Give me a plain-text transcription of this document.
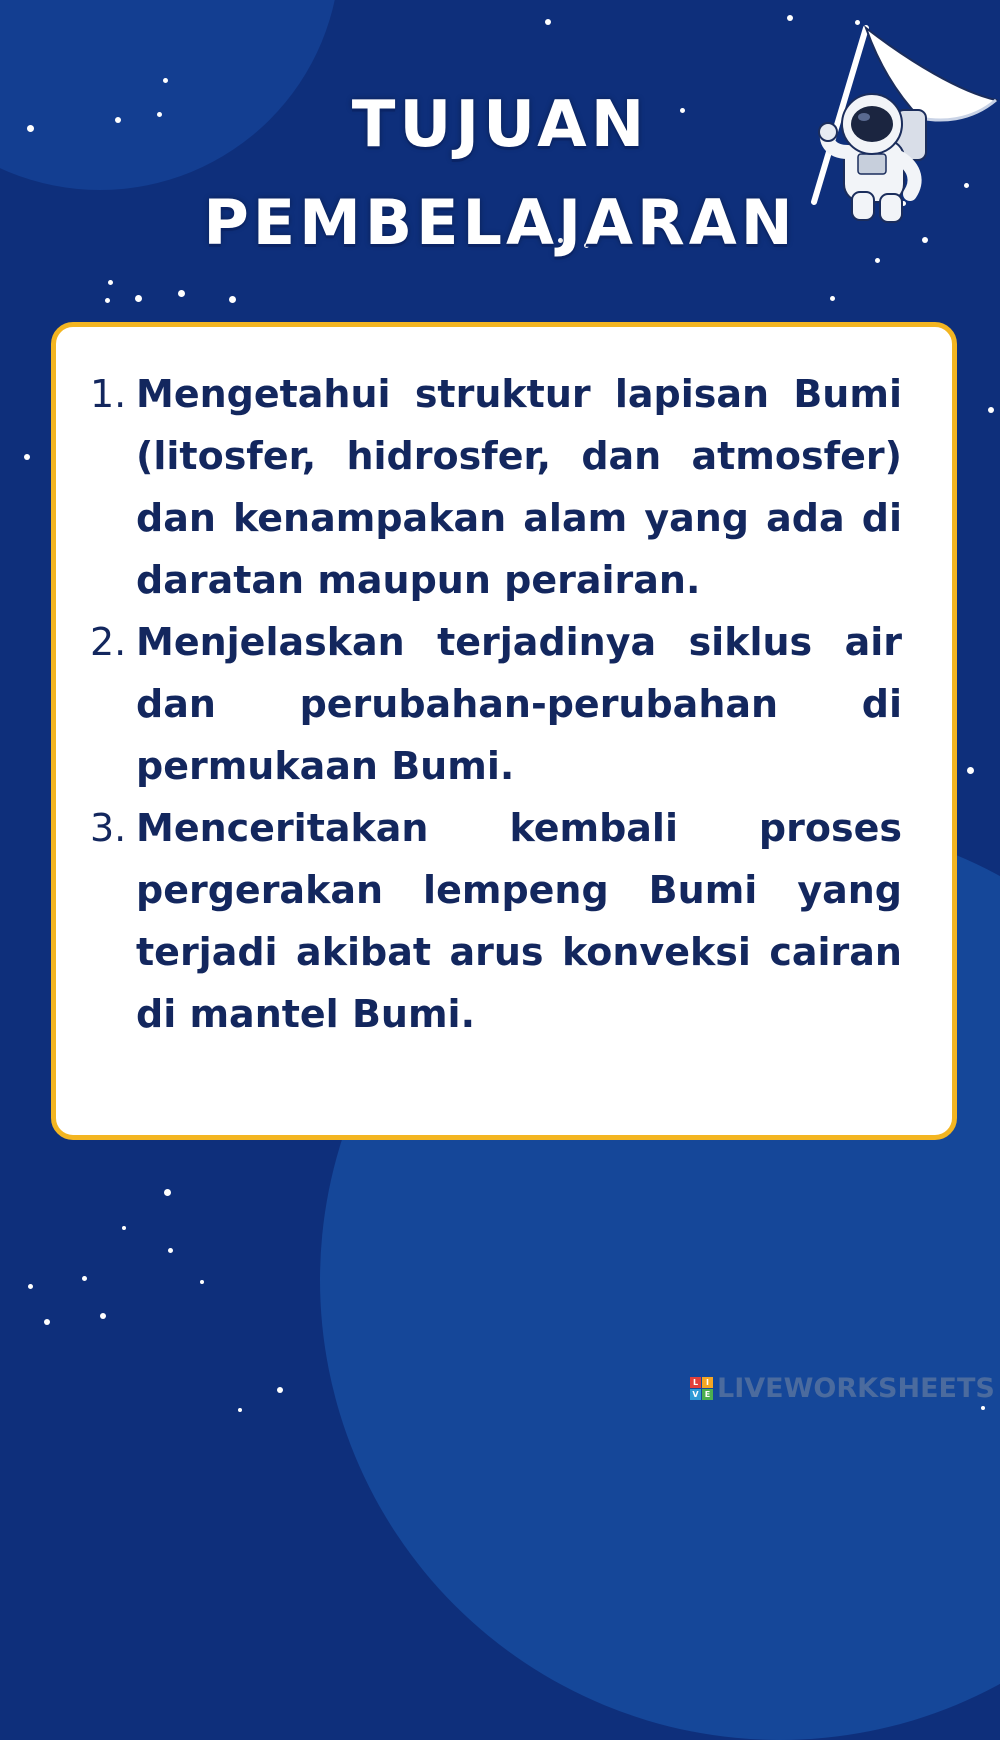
TUJUAN
PEMBELAJARAN
1. Mengetahui struktur lapisan Bumi (litosfer, hidrosfer, dan atmosfer) dan kenampakan alam yang ada di daratan maupun perairan.
2. Menjelaskan terjadinya siklus air dan perubahan-perubahan di permukaan Bumi.
3. Menceritakan kembali proses pergerakan lempeng Bumi yang terjadi akibat arus konveksi cairan di mantel Bumi.
L I
V E LIVEWORKSHEETS
